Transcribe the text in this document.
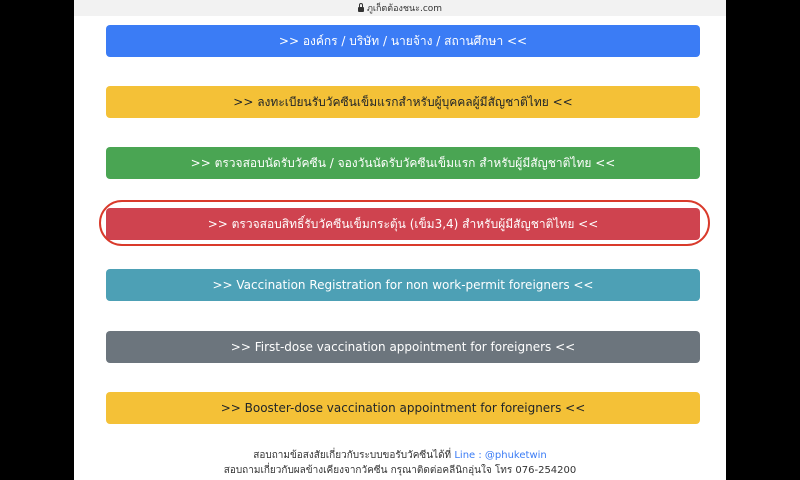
ภูเก็ตต้องชนะ.com
>> องค์กร / บริษัท / นายจ้าง / สถานศึกษา <<
>> ลงทะเบียนรับวัคซีนเข็มแรกสำหรับผู้บุคคลผู้มีสัญชาติไทย <<
>> ตรวจสอบนัดรับวัคซีน / จองวันนัดรับวัคซีนเข็มแรก สำหรับผู้มีสัญชาติไทย <<
>> ตรวจสอบสิทธิ์รับวัคซีนเข็มกระตุ้น (เข็ม3,4) สำหรับผู้มีสัญชาติไทย <<
>> Vaccination Registration for non work-permit foreigners <<
>> First-dose vaccination appointment for foreigners <<
>> Booster-dose vaccination appointment for foreigners <<
สอบถามข้อสงสัยเกี่ยวกับระบบขอรับวัคซีนได้ที่ Line : @phuketwin
สอบถามเกี่ยวกับผลข้างเคียงจากวัคซีน กรุณาติดต่อคลีนิกอุ่นใจ โทร 076-254200
